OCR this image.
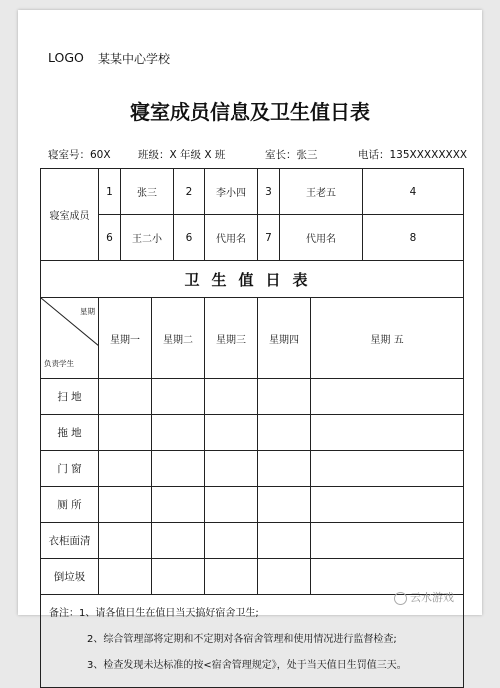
LOGO 某某中心学校
寝室成员信息及卫生值日表
寝室号：60X	班级：X 年级 X 班	室长：张三	电话：135XXXXXXXX
寝室成员	1	张三		2	李小四	3	王老五		4	
	6	王二小		6	代用名	7	代用名		8	
卫生值日表										

星期
负责学生	星期一		星期二		星期三	星期四		星期 五		

扫 地										
拖 地										
门 窗										
厕 所										
衣柜面清										
倒垃圾										

备注：1、请各值日生在值日当天搞好宿舍卫生;
2、综合管理部将定期和不定期对各宿舍管理和使用情况进行监督检查;
3、检查发现未达标准的按<宿舍管理规定》，处于当天值日生罚值三天。										
云水游戏
